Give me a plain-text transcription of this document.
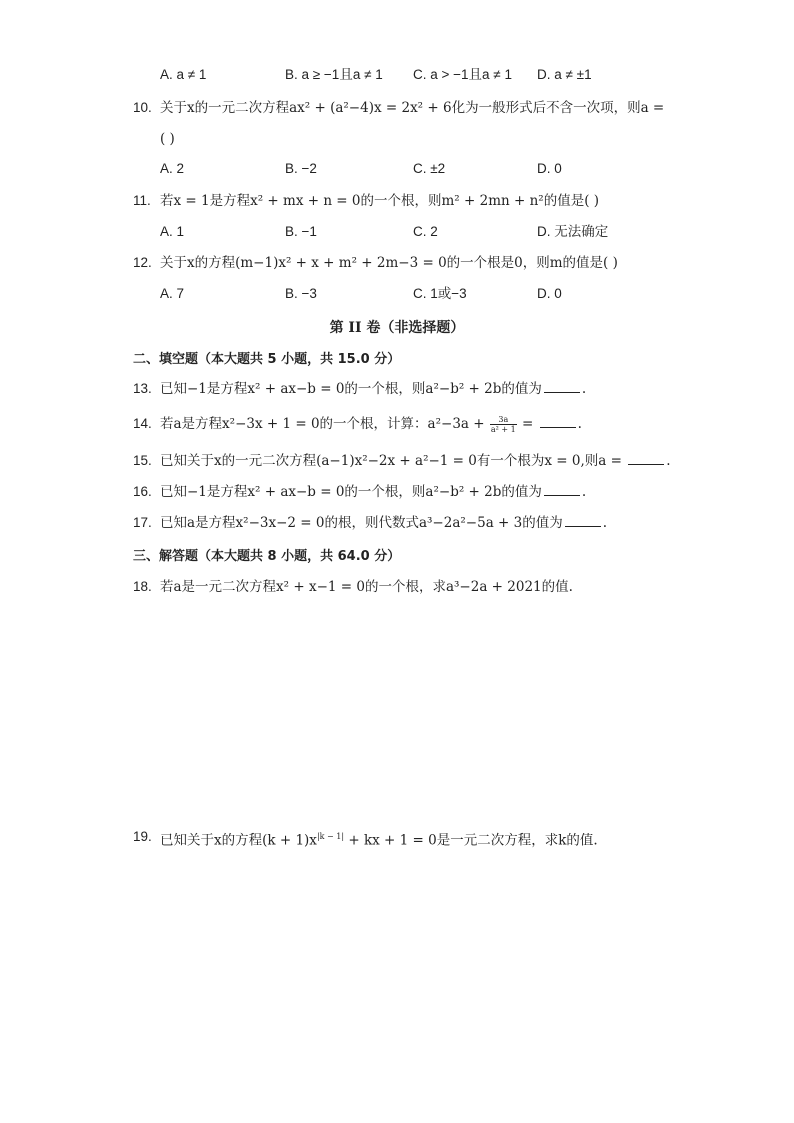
A. a ≠ 1	B. a ≥ −1且a ≠ 1 C. a > −1且a ≠ 1 D. a ≠ ±1
10. 关于x的一元二次方程ax² + (a²−4)x = 2x² + 6化为一般形式后不含一次项，则a =
( )
A. 2	B. −2	C. ±2	D. 0
11. 若x = 1是方程x² + mx + n = 0的一个根，则m² + 2mn + n²的值是( )
A. 1	B. −1	C. 2	D. 无法确定
12. 关于x的方程(m−1)x² + x + m² + 2m−3 = 0的一个根是0，则m的值是( )
A. 7	B. −3	C. 1或−3	D. 0
第 II 卷（非选择题）
二、填空题（本大题共 5 小题，共 15.0 分）
13. 已知−1是方程x² + ax−b = 0的一个根，则a²−b² + 2b的值为	.
14. 若a是方程x²−3x + 1 = 0的一个根，计算：$a^2-3a + \frac{3a}{\text{a² + 1}}$ =	.
15. 已知关于x的一元二次方程(a−1)x²−2x + a²−1 = 0有一个根为x = 0,则a =	.
16. 已知−1是方程x² + ax−b = 0的一个根，则a²−b² + 2b的值为	.
17. 已知a是方程x²−3x−2 = 0的根，则代数式a³−2a²−5a + 3的值为	.
三、解答题（本大题共 8 小题，共 64.0 分）
18. 若a是一元二次方程x² + x−1 = 0的一个根，求a³−2a + 2021的值.
19. 已知关于x的方程$(k + 1)x^{|k - 1|}$ + kx + 1 = 0是一元二次方程，求k的值.
